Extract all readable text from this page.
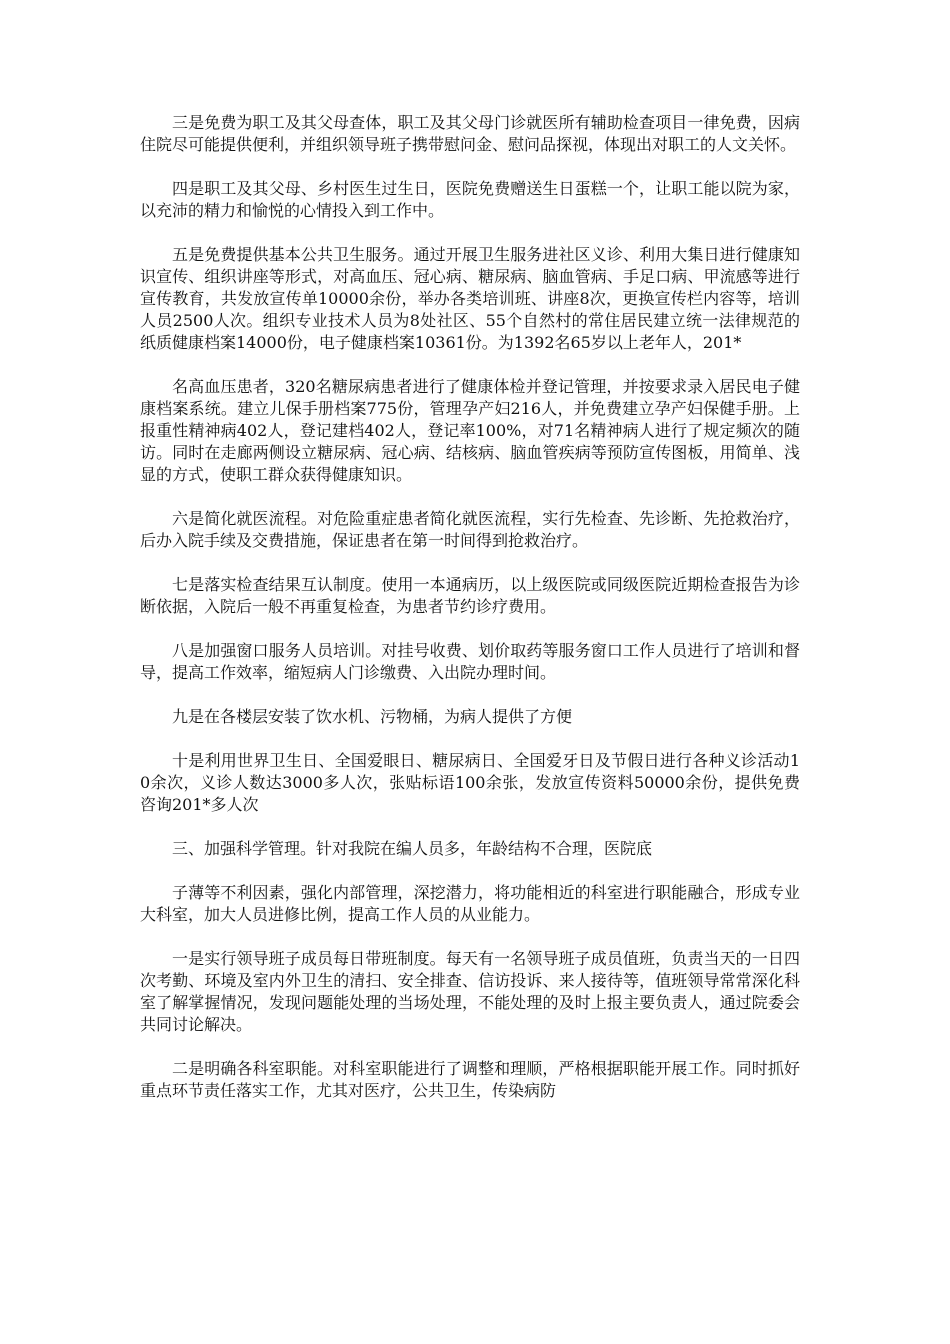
三是免费为职工及其父母查体，职工及其父母门诊就医所有辅助检查项目一律免费，因病住院尽可能提供便利，并组织领导班子携带慰问金、慰问品探视，体现出对职工的人文关怀。

四是职工及其父母、乡村医生过生日，医院免费赠送生日蛋糕一个，让职工能以院为家，以充沛的精力和愉悦的心情投入到工作中。

五是免费提供基本公共卫生服务。通过开展卫生服务进社区义诊、利用大集日进行健康知识宣传、组织讲座等形式，对高血压、冠心病、糖尿病、脑血管病、手足口病、甲流感等进行宣传教育，共发放宣传单10000余份，举办各类培训班、讲座8次，更换宣传栏内容等，培训人员2500人次。组织专业技术人员为8处社区、55个自然村的常住居民建立统一法律规范的纸质健康档案14000份，电子健康档案10361份。为1392名65岁以上老年人，201*

名高血压患者，320名糖尿病患者进行了健康体检并登记管理，并按要求录入居民电子健康档案系统。建立儿保手册档案775份，管理孕产妇216人，并免费建立孕产妇保健手册。上报重性精神病402人，登记建档402人，登记率100%，对71名精神病人进行了规定频次的随访。同时在走廊两侧设立糖尿病、冠心病、结核病、脑血管疾病等预防宣传图板，用简单、浅显的方式，使职工群众获得健康知识。

六是简化就医流程。对危险重症患者简化就医流程，实行先检查、先诊断、先抢救治疗，后办入院手续及交费措施，保证患者在第一时间得到抢救治疗。

七是落实检查结果互认制度。使用一本通病历，以上级医院或同级医院近期检查报告为诊断依据，入院后一般不再重复检查，为患者节约诊疗费用。

八是加强窗口服务人员培训。对挂号收费、划价取药等服务窗口工作人员进行了培训和督导，提高工作效率，缩短病人门诊缴费、入出院办理时间。

九是在各楼层安装了饮水机、污物桶，为病人提供了方便

十是利用世界卫生日、全国爱眼日、糖尿病日、全国爱牙日及节假日进行各种义诊活动10余次，义诊人数达3000多人次，张贴标语100余张，发放宣传资料50000余份，提供免费咨询201*多人次

三、加强科学管理。针对我院在编人员多，年龄结构不合理，医院底

子薄等不利因素，强化内部管理，深挖潜力，将功能相近的科室进行职能融合，形成专业大科室，加大人员进修比例，提高工作人员的从业能力。

一是实行领导班子成员每日带班制度。每天有一名领导班子成员值班，负责当天的一日四次考勤、环境及室内外卫生的清扫、安全排查、信访投诉、来人接待等，值班领导常常深化科室了解掌握情况，发现问题能处理的当场处理，不能处理的及时上报主要负责人，通过院委会共同讨论解决。

二是明确各科室职能。对科室职能进行了调整和理顺，严格根据职能开展工作。同时抓好重点环节责任落实工作，尤其对医疗，公共卫生，传染病防
